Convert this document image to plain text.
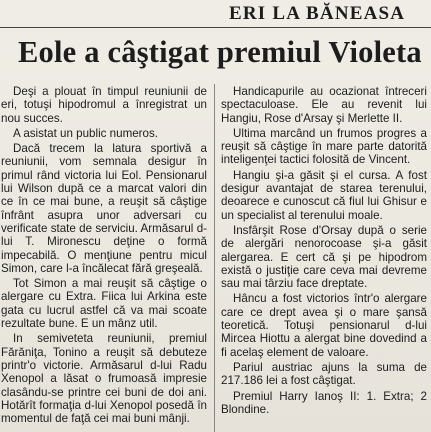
ERI LA BĂNEASA
Eole a câştigat premiul Violeta

Deşi a plouat în timpul reuniunii de eri, totuşi hipodromul a înregistrat un nou succes.

A asistat un public numeros.

Dacă trecem la latura sportivă a reuniunii, vom semnala desigur în primul rând victoria lui Eol. Pensionarul lui Wilson după ce a marcat valori din ce în ce mai bune, a reuşit să câştige înfrânt asupra unor adversari cu verificate state de serviciu. Armăsarul d-lui T. Mironescu deţine o formă impecabilă. O menţiune pentru micul Simon, care l-a încălecat fără greşeală.

Tot Simon a mai reuşit să câştige o alergare cu Extra. Fiica lui Arkina este gata cu lucrul astfel că va mai scoate rezultate bune. E un mânz util.

In semiveteta reuniunii, premiul Fărăniţa, Tonino a reuşit să debuteze printr'o victorie. Armăsarul d-lui Radu Xenopol a lăsat o frumoasă impresie clasându-se printre cei buni de doi ani. Hotărît formaţia d-lui Xenopol posedă în momentul de faţă cei mai buni mânji.

Handicapurile au ocazionat întreceri spectaculoase. Ele au revenit lui Hangiu, Rose d'Arsay şi Merlette II.

Ultima marcând un frumos progres a reuşit să câştige în mare parte datorită inteligenţei tactici folosită de Vincent.

Hangiu şi-a găsit şi el cursa. A fost desigur avantajat de starea terenului, deoarece e cunoscut că fiul lui Ghisur e un specialist al terenului moale.

Insfârşit Rose d'Orsay după o serie de alergări nenorocoase şi-a găsit alergarea. E cert că şi pe hipodrom există o justiţie care ceva mai devreme sau mai târziu face dreptate.

Hâncu a fost victorios într'o alergare care ce drept avea şi o mare şansă teoretică. Totuşi pensionarul d-lui Mircea Hiottu a alergat bine dovedind a fi acelaş element de valoare.

Pariul austriac ajuns la suma de 217.186 lei a fost câştigat.

Premiul Harry Ianoş II: 1. Extra; 2 Blondine.
